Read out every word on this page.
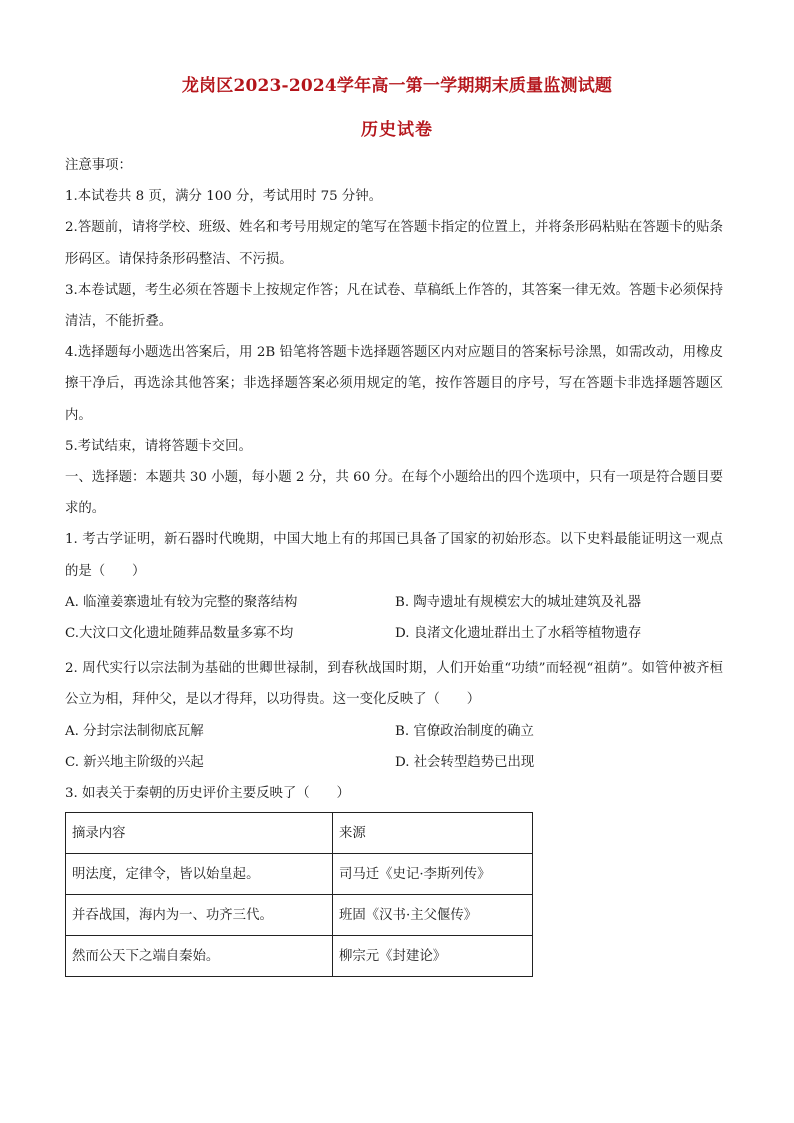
龙岗区2023-2024学年高一第一学期期末质量监测试题
历史试卷

注意事项：

1.本试卷共 8 页，满分 100 分，考试用时 75 分钟。

2.答题前，请将学校、班级、姓名和考号用规定的笔写在答题卡指定的位置上，并将条形码粘贴在答题卡的贴条形码区。请保持条形码整洁、不污损。

3.本卷试题，考生必须在答题卡上按规定作答；凡在试卷、草稿纸上作答的，其答案一律无效。答题卡必须保持清洁，不能折叠。

4.选择题每小题选出答案后，用 2B 铅笔将答题卡选择题答题区内对应题目的答案标号涂黑，如需改动，用橡皮擦干净后，再选涂其他答案；非选择题答案必须用规定的笔，按作答题目的序号，写在答题卡非选择题答题区内。

5.考试结束，请将答题卡交回。

一、选择题：本题共 30 小题，每小题 2 分，共 60 分。在每个小题给出的四个选项中，只有一项是符合题目要求的。

1. 考古学证明，新石器时代晚期，中国大地上有的邦国已具备了国家的初始形态。以下史料最能证明这一观点的是（　　）

A. 临潼姜寨遗址有较为完整的聚落结构	B. 陶寺遗址有规模宏大的城址建筑及礼器
C.大汶口文化遗址随葬品数量多寡不均	D. 良渚文化遗址群出土了水稻等植物遗存

2. 周代实行以宗法制为基础的世卿世禄制，到春秋战国时期，人们开始重“功绩”而轻视“祖荫”。如管仲被齐桓公立为相，拜仲父，是以才得拜，以功得贵。这一变化反映了（　　）

A. 分封宗法制彻底瓦解	B. 官僚政治制度的确立
C. 新兴地主阶级的兴起	D. 社会转型趋势已出现

3. 如表关于秦朝的历史评价主要反映了（　　）

摘录内容	来源
明法度，定律令，皆以始皇起。	司马迁《史记·李斯列传》
并吞战国，海内为一、功齐三代。	班固《汉书·主父偃传》
然而公天下之端自秦始。	柳宗元《封建论》
